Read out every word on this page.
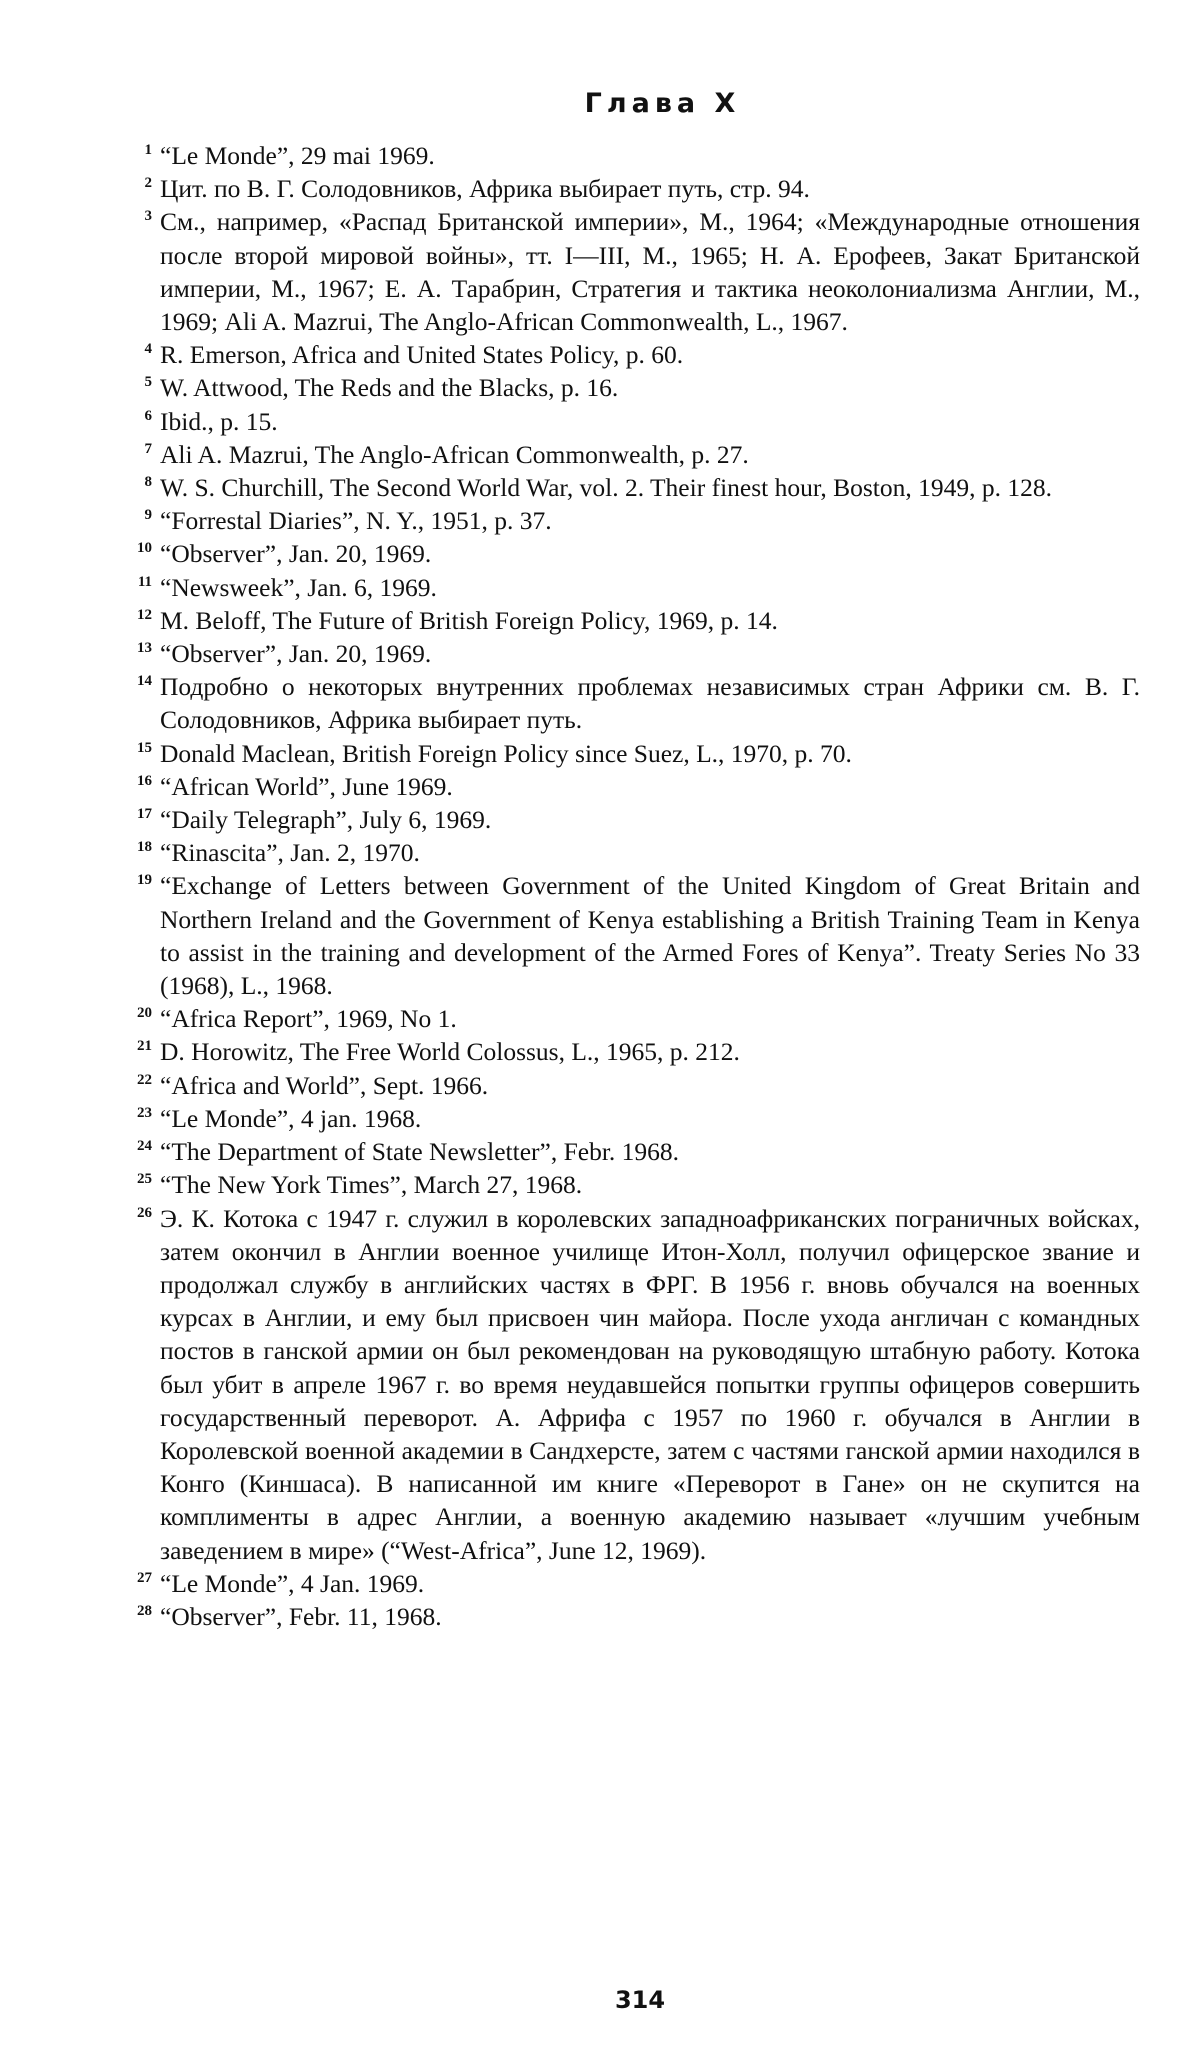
Глава X
1 “Le Monde”, 29 mai 1969.
2 Цит. по В. Г. Солодовников, Африка выбирает путь, стр. 94.
3 См., например, «Распад Британской империи», М., 1964; «Международные отношения после второй мировой войны», тт. I—III, М., 1965; Н. А. Ерофеев, Закат Британской империи, М., 1967; Е. А. Тарабрин, Стратегия и тактика неоколониализма Англии, М., 1969; Ali A. Mazrui, The Anglo-African Commonwealth, L., 1967.
4 R. Emerson, Africa and United States Policy, p. 60.
5 W. Attwood, The Reds and the Blacks, p. 16.
6 Ibid., p. 15.
7 Ali A. Mazrui, The Anglo-African Commonwealth, p. 27.
8 W. S. Churchill, The Second World War, vol. 2. Their finest hour, Boston, 1949, p. 128.
9 “Forrestal Diaries”, N. Y., 1951, p. 37.
10 “Observer”, Jan. 20, 1969.
11 “Newsweek”, Jan. 6, 1969.
12 M. Beloff, The Future of British Foreign Policy, 1969, p. 14.
13 “Observer”, Jan. 20, 1969.
14 Подробно о некоторых внутренних проблемах независимых стран Африки см. В. Г. Солодовников, Африка выбирает путь.
15 Donald Maclean, British Foreign Policy since Suez, L., 1970, p. 70.
16 “African World”, June 1969.
17 “Daily Telegraph”, July 6, 1969.
18 “Rinascita”, Jan. 2, 1970.
19 “Exchange of Letters between Government of the United Kingdom of Great Britain and Northern Ireland and the Government of Kenya establishing a British Training Team in Kenya to assist in the training and development of the Armed Fores of Kenya”. Treaty Series No 33 (1968), L., 1968.
20 “Africa Report”, 1969, No 1.
21 D. Horowitz, The Free World Colossus, L., 1965, p. 212.
22 “Africa and World”, Sept. 1966.
23 “Le Monde”, 4 jan. 1968.
24 “The Department of State Newsletter”, Febr. 1968.
25 “The New York Times”, March 27, 1968.
26 Э. К. Котока с 1947 г. служил в королевских западноафриканских пограничных войсках, затем окончил в Англии военное училище Итон-Холл, получил офицерское звание и продолжал службу в английских частях в ФРГ. В 1956 г. вновь обучался на военных курсах в Англии, и ему был присвоен чин майора. После ухода англичан с командных постов в ганской армии он был рекомендован на руководящую штабную работу. Котока был убит в апреле 1967 г. во время неудавшейся попытки группы офицеров совершить государственный переворот. А. Африфа с 1957 по 1960 г. обучался в Англии в Королевской военной академии в Сандхерсте, затем с частями ганской армии находился в Конго (Киншаса). В написанной им книге «Переворот в Гане» он не скупится на комплименты в адрес Англии, а военную академию называет «лучшим учебным заведением в мире» (“West-Africa”, June 12, 1969).
27 “Le Monde”, 4 Jan. 1969.
28 “Observer”, Febr. 11, 1968.
314
